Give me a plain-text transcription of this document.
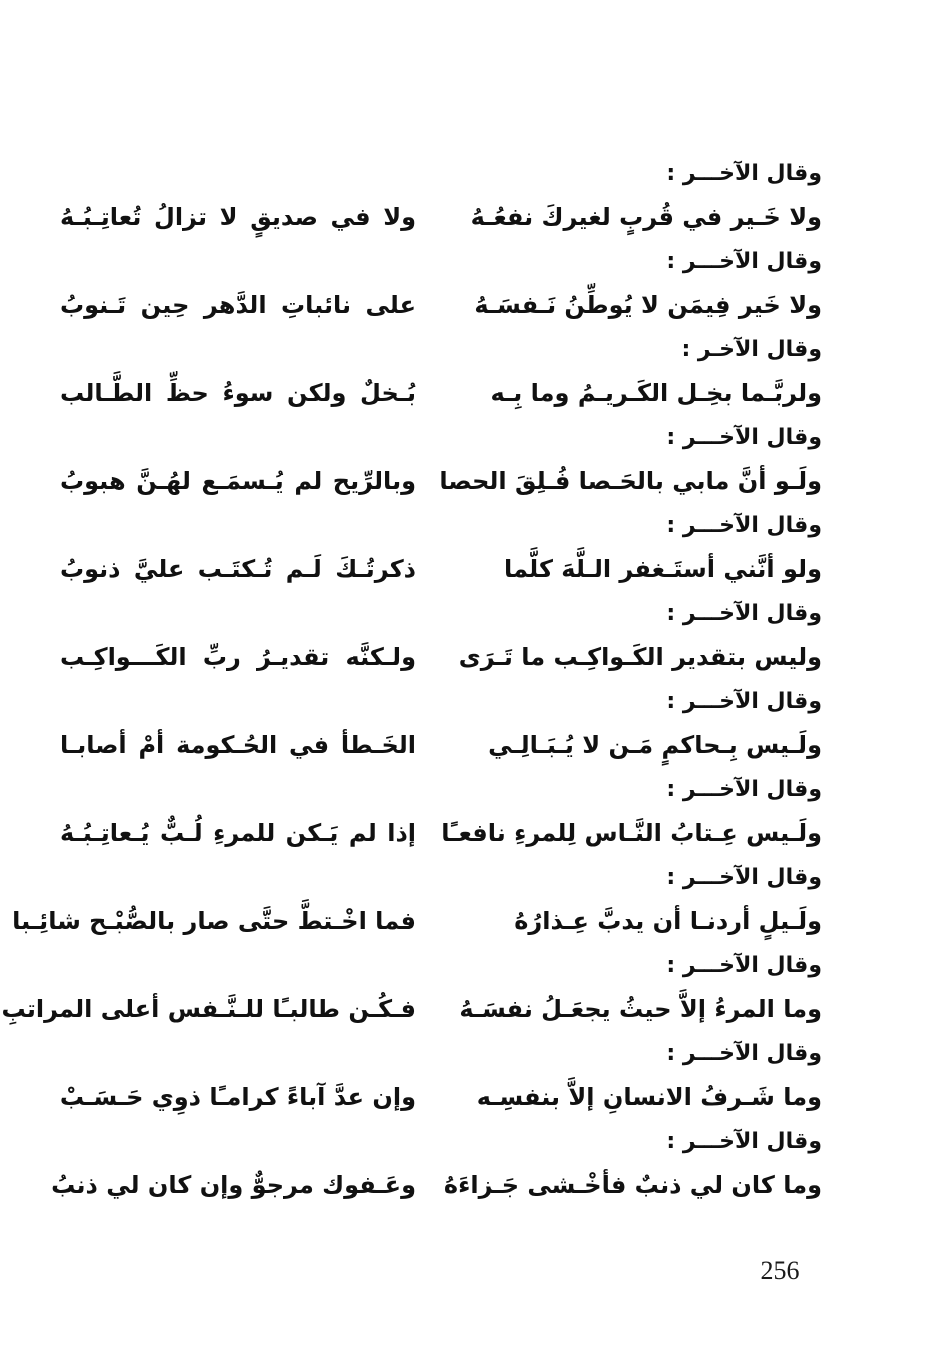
وقال الآخـــر :
ولا خَـير في قُربٍ لغيركَ نفعُـهُ
ولا في صديقٍ لا تزالُ تُعاتِـبُـهُ
وقال الآخـــر :
ولا خَير فِيمَن لا يُوطِّنُ نَـفسَـهُ
على نائباتِ الدَّهر حِين تَـنوبُ
وقال الآخـر :
ولربَّـما بخِـل الكَـريـمُ وما بِـه
بُـخلٌ ولكن سوءُ حظِّ الطَّـالب
وقال الآخـــر :
ولَـو أنَّ مابي بالحَـصا فُـلِقَ الحصا
وبالرِّيح لم يُـسمَـع لهُـنَّ هبوبُ
وقال الآخـــر :
ولو أنَّني أستَـغفر الـلَّهَ كلَّما
ذكرتُـكَ لَـم تُـكتَـب عليَّ ذنوبُ
وقال الآخـــر :
وليس بتقدير الكَـواكِـب ما تَـرَى
ولـكنَّه تقديـرُ ربِّ الكَـــواكِـب
وقال الآخـــر :
ولَـيس بِـحاكمٍ مَـن لا يُـبَـالِـي
الخَـطأ في الحُـكومة أمْ أصابـا
وقال الآخـــر :
ولَـيس عِـتابُ النَّـاس لِلمرءِ نافعـًا
إذا لم يَـكن للمرءِ لُـبٌّ يُـعاتِـبُـهُ
وقال الآخـــر :
ولَـيلٍ أردنـا أن يدبَّ عِـذارُهُ
فما اخْـتطَّ حتَّى صار بالصُّبْـح شائِـبا
وقال الآخـــر :
وما المرءُ إلاَّ حيثُ يجعَـلُ نفسَـهُ
فـكُـن طالبـًا للـنَّـفس أعلى المراتبِ
وقال الآخـــر :
وما شَـرفُ الانسانِ إلاَّ بنفسِـه
وإن عدَّ آباءً كرامـًا ذوِي حَـسَـبْ
وقال الآخـــر :
وما كان لي ذنبٌ فأخْـشى جَـزاءَهُ
وعَـفوك مرجوٌّ وإن كان لي ذنبُ
256
